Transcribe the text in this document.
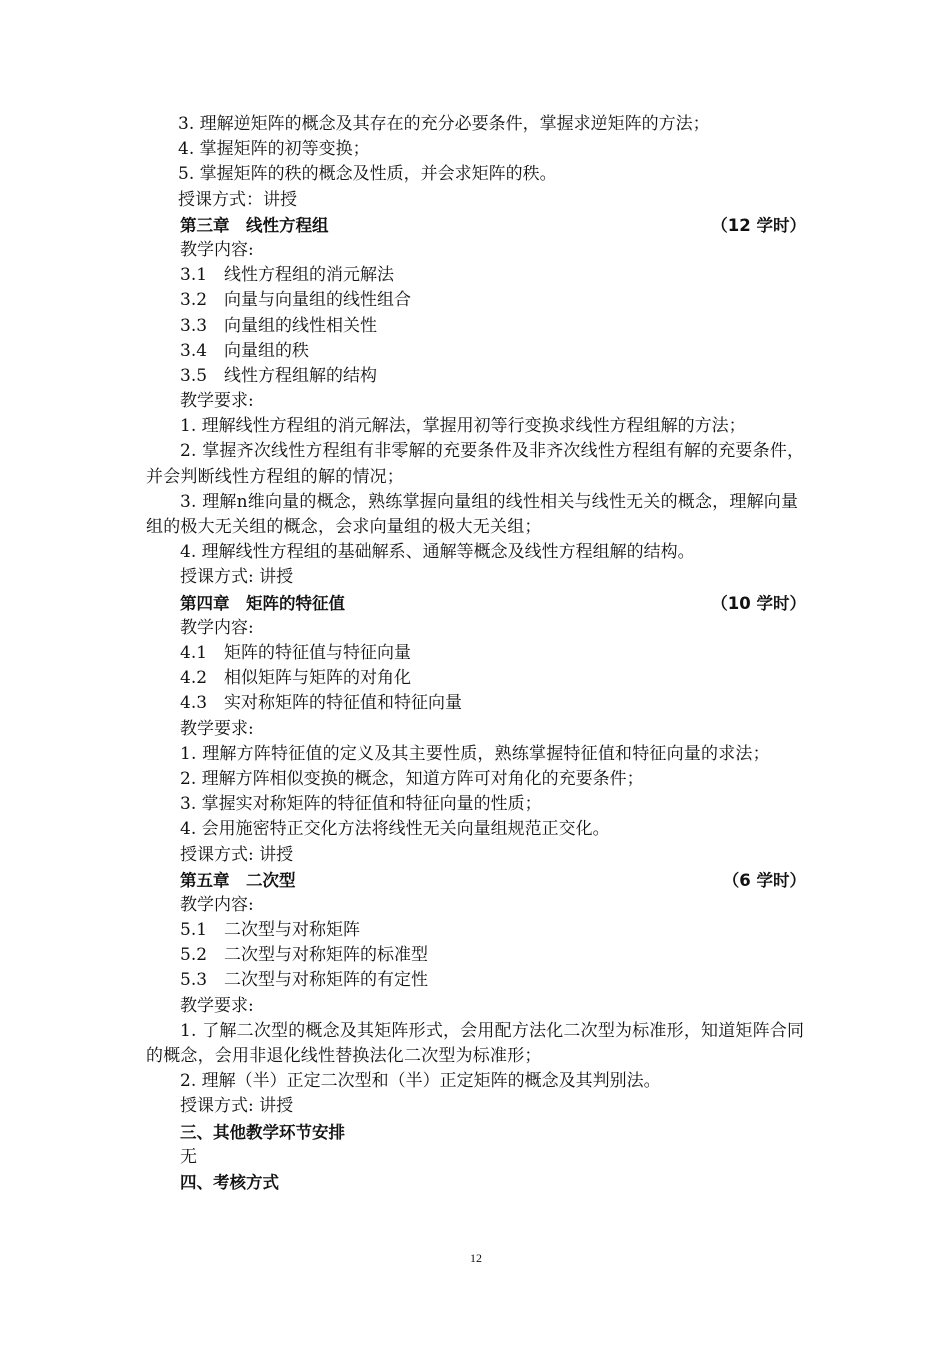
3. 理解逆矩阵的概念及其存在的充分必要条件，掌握求逆矩阵的方法；
4. 掌握矩阵的初等变换；
5. 掌握矩阵的秩的概念及性质，并会求矩阵的秩。
授课方式：讲授
第三章　线性方程组	（12 学时）
教学内容:
3.1　线性方程组的消元解法
3.2　向量与向量组的线性组合
3.3　向量组的线性相关性
3.4　向量组的秩
3.5　线性方程组解的结构
教学要求:
1. 理解线性方程组的消元解法，掌握用初等行变换求线性方程组解的方法；
2. 掌握齐次线性方程组有非零解的充要条件及非齐次线性方程组有解的充要条件，并会判断线性方程组的解的情况；
3. 理解n维向量的概念，熟练掌握向量组的线性相关与线性无关的概念，理解向量组的极大无关组的概念，会求向量组的极大无关组；
4. 理解线性方程组的基础解系、通解等概念及线性方程组解的结构。
授课方式: 讲授
第四章　矩阵的特征值	（10 学时）
教学内容:
4.1　矩阵的特征值与特征向量
4.2　相似矩阵与矩阵的对角化
4.3　实对称矩阵的特征值和特征向量
教学要求:
1. 理解方阵特征值的定义及其主要性质，熟练掌握特征值和特征向量的求法；
2. 理解方阵相似变换的概念，知道方阵可对角化的充要条件；
3. 掌握实对称矩阵的特征值和特征向量的性质；
4. 会用施密特正交化方法将线性无关向量组规范正交化。
授课方式: 讲授
第五章　二次型	（6 学时）
教学内容:
5.1　二次型与对称矩阵
5.2　二次型与对称矩阵的标准型
5.3　二次型与对称矩阵的有定性
教学要求:
1. 了解二次型的概念及其矩阵形式，会用配方法化二次型为标准形，知道矩阵合同的概念，会用非退化线性替换法化二次型为标准形；
2. 理解（半）正定二次型和（半）正定矩阵的概念及其判别法。
授课方式: 讲授
三、其他教学环节安排
无
四、考核方式
12
